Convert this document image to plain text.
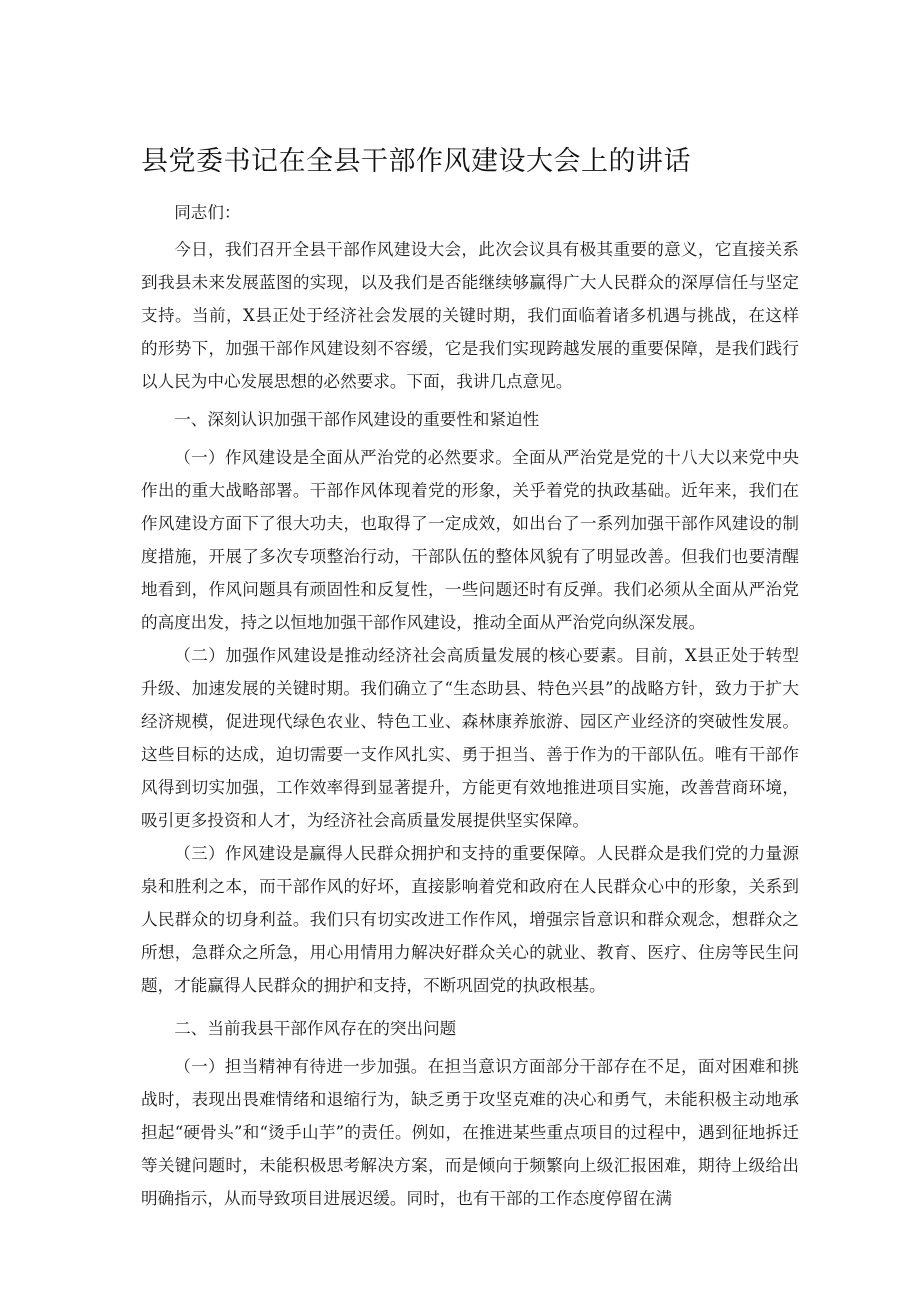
县党委书记在全县干部作风建设大会上的讲话

同志们：

今日，我们召开全县干部作风建设大会，此次会议具有极其重要的意义，它直接关系到我县未来发展蓝图的实现，以及我们是否能继续够赢得广大人民群众的深厚信任与坚定支持。当前，X县正处于经济社会发展的关键时期，我们面临着诸多机遇与挑战，在这样的形势下，加强干部作风建设刻不容缓，它是我们实现跨越发展的重要保障，是我们践行以人民为中心发展思想的必然要求。下面，我讲几点意见。

一、深刻认识加强干部作风建设的重要性和紧迫性

（一）作风建设是全面从严治党的必然要求。全面从严治党是党的十八大以来党中央作出的重大战略部署。干部作风体现着党的形象，关乎着党的执政基础。近年来，我们在作风建设方面下了很大功夫，也取得了一定成效，如出台了一系列加强干部作风建设的制度措施，开展了多次专项整治行动，干部队伍的整体风貌有了明显改善。但我们也要清醒地看到，作风问题具有顽固性和反复性，一些问题还时有反弹。我们必须从全面从严治党的高度出发，持之以恒地加强干部作风建设，推动全面从严治党向纵深发展。

（二）加强作风建设是推动经济社会高质量发展的核心要素。目前，X县正处于转型升级、加速发展的关键时期。我们确立了“生态助县、特色兴县”的战略方针，致力于扩大经济规模，促进现代绿色农业、特色工业、森林康养旅游、园区产业经济的突破性发展。这些目标的达成，迫切需要一支作风扎实、勇于担当、善于作为的干部队伍。唯有干部作风得到切实加强，工作效率得到显著提升，方能更有效地推进项目实施，改善营商环境，吸引更多投资和人才，为经济社会高质量发展提供坚实保障。

（三）作风建设是赢得人民群众拥护和支持的重要保障。人民群众是我们党的力量源泉和胜利之本，而干部作风的好坏，直接影响着党和政府在人民群众心中的形象，关系到人民群众的切身利益。我们只有切实改进工作作风，增强宗旨意识和群众观念，想群众之所想，急群众之所急，用心用情用力解决好群众关心的就业、教育、医疗、住房等民生问题，才能赢得人民群众的拥护和支持，不断巩固党的执政根基。

二、当前我县干部作风存在的突出问题

（一）担当精神有待进一步加强。在担当意识方面部分干部存在不足，面对困难和挑战时，表现出畏难情绪和退缩行为，缺乏勇于攻坚克难的决心和勇气，未能积极主动地承担起“硬骨头”和“烫手山芋”的责任。例如，在推进某些重点项目的过程中，遇到征地拆迁等关键问题时，未能积极思考解决方案，而是倾向于频繁向上级汇报困难，期待上级给出明确指示，从而导致项目进展迟缓。同时，也有干部的工作态度停留在满
